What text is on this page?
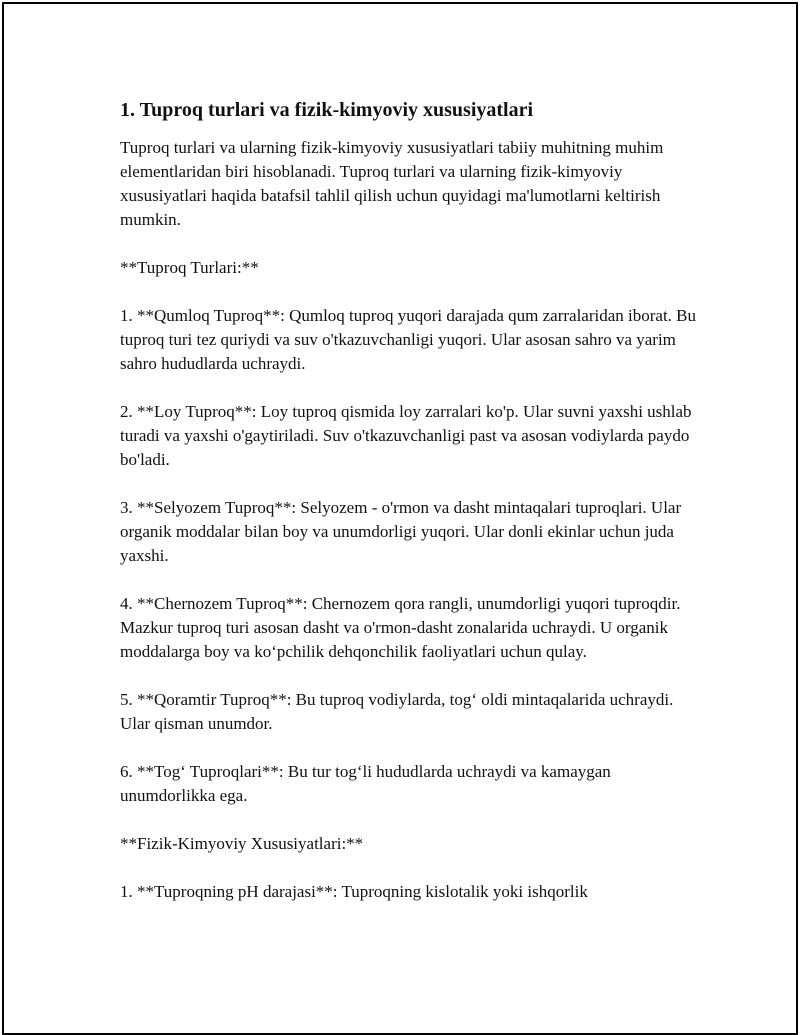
1. Tuproq turlari va fizik-kimyoviy xususiyatlari

Tuproq turlari va ularning fizik-kimyoviy xususiyatlari tabiiy muhitning muhim elementlaridan biri hisoblanadi. Tuproq turlari va ularning fizik-kimyoviy xususiyatlari haqida batafsil tahlil qilish uchun quyidagi ma'lumotlarni keltirish mumkin.

**Tuproq Turlari:**

1. **Qumloq Tuproq**: Qumloq tuproq yuqori darajada qum zarralaridan iborat. Bu tuproq turi tez quriydi va suv o'tkazuvchanligi yuqori. Ular asosan sahro va yarim sahro hududlarda uchraydi.

2. **Loy Tuproq**: Loy tuproq qismida loy zarralari ko'p. Ular suvni yaxshi ushlab turadi va yaxshi o'gaytiriladi. Suv o'tkazuvchanligi past va asosan vodiylarda paydo bo'ladi.

3. **Selyozem Tuproq**: Selyozem - o'rmon va dasht mintaqalari tuproqlari. Ular organik moddalar bilan boy va unumdorligi yuqori. Ular donli ekinlar uchun juda yaxshi.

4. **Chernozem Tuproq**: Chernozem qora rangli, unumdorligi yuqori tuproqdir. Mazkur tuproq turi asosan dasht va o'rmon-dasht zonalarida uchraydi. U organik moddalarga boy va ko‘pchilik dehqonchilik faoliyatlari uchun qulay.

5. **Qoramtir Tuproq**: Bu tuproq vodiylarda, tog‘ oldi mintaqalarida uchraydi. Ular qisman unumdor.

6. **Tog‘ Tuproqlari**: Bu tur tog‘li hududlarda uchraydi va kamaygan unumdorlikka ega.

**Fizik-Kimyoviy Xususiyatlari:**

1. **Tuproqning pH darajasi**: Tuproqning kislotalik yoki ishqorlik
